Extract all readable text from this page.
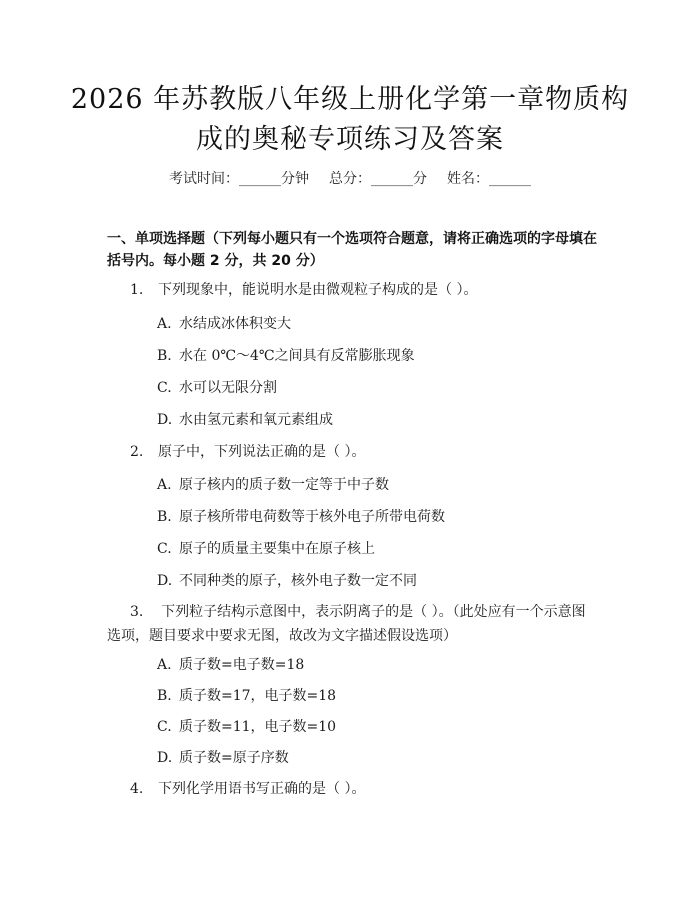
2026 年苏教版八年级上册化学第一章物质构
成的奥秘专项练习及答案
考试时间：______分钟 总分：______分 姓名：______
一、单项选择题（下列每小题只有一个选项符合题意，请将正确选项的字母填在括号内。每小题 2 分，共 20 分）
1. 下列现象中，能说明水是由微观粒子构成的是（ ）。
A. 水结成冰体积变大
B. 水在 0℃～4℃之间具有反常膨胀现象
C. 水可以无限分割
D. 水由氢元素和氧元素组成
2. 原子中，下列说法正确的是（ ）。
A. 原子核内的质子数一定等于中子数
B. 原子核所带电荷数等于核外电子所带电荷数
C. 原子的质量主要集中在原子核上
D. 不同种类的原子，核外电子数一定不同
3. 下列粒子结构示意图中，表示阴离子的是（ ）。（此处应有一个示意图选项，题目要求中要求无图，故改为文字描述假设选项）
A. 质子数=电子数=18
B. 质子数=17，电子数=18
C. 质子数=11，电子数=10
D. 质子数=原子序数
4. 下列化学用语书写正确的是（ ）。
